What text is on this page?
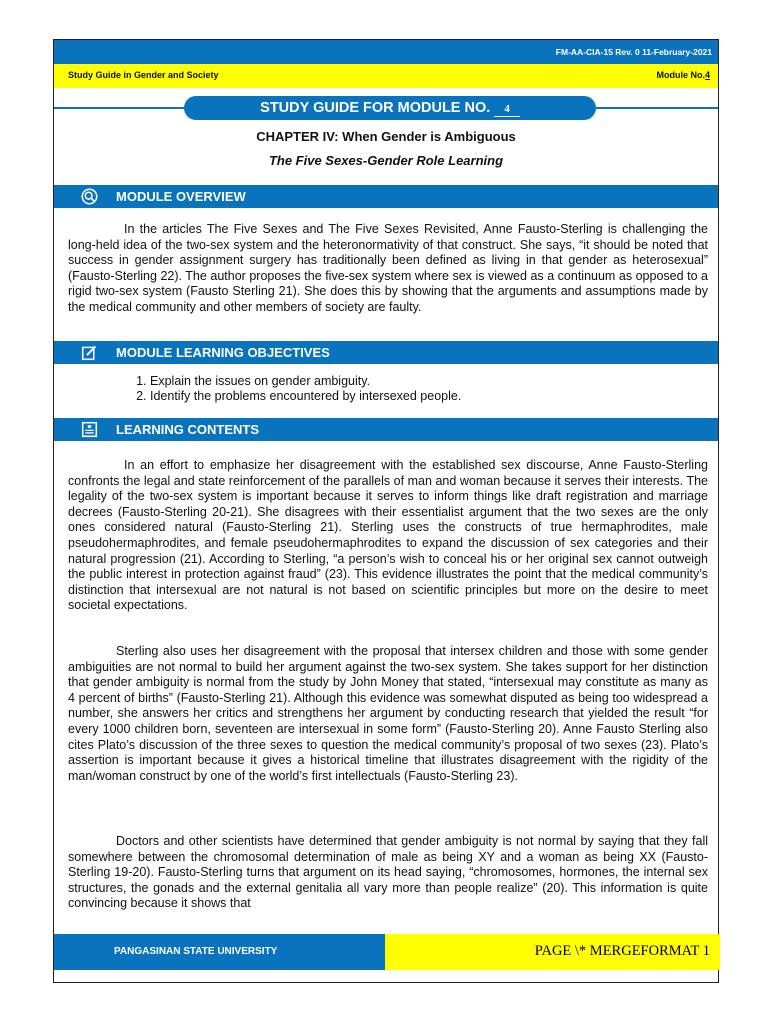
FM-AA-CIA-15 Rev. 0 11-February-2021
Study Guide in Gender and Society	Module No.4
STUDY GUIDE FOR MODULE NO. 4
CHAPTER IV: When Gender is Ambiguous
The Five Sexes-Gender Role Learning
MODULE OVERVIEW

In the articles The Five Sexes and The Five Sexes Revisited, Anne Fausto-Sterling is challenging the long-held idea of the two-sex system and the heteronormativity of that construct. She says, “it should be noted that success in gender assignment surgery has traditionally been defined as living in that gender as heterosexual” (Fausto-Sterling 22). The author proposes the five-sex system where sex is viewed as a continuum as opposed to a rigid two-sex system (Fausto Sterling 21). She does this by showing that the arguments and assumptions made by the medical community and other members of society are faulty.

MODULE LEARNING OBJECTIVES
1. Explain the issues on gender ambiguity.
2. Identify the problems encountered by intersexed people.
LEARNING CONTENTS

In an effort to emphasize her disagreement with the established sex discourse, Anne Fausto-Sterling confronts the legal and state reinforcement of the parallels of man and woman because it serves their interests. The legality of the two-sex system is important because it serves to inform things like draft registration and marriage decrees (Fausto-Sterling 20-21). She disagrees with their essentialist argument that the two sexes are the only ones considered natural (Fausto-Sterling 21). Sterling uses the constructs of true hermaphrodites, male pseudohermaphrodites, and female pseudohermaphrodites to expand the discussion of sex categories and their natural progression (21). According to Sterling, “a person’s wish to conceal his or her original sex cannot outweigh the public interest in protection against fraud” (23). This evidence illustrates the point that the medical community’s distinction that intersexual are not natural is not based on scientific principles but more on the desire to meet societal expectations.

Sterling also uses her disagreement with the proposal that intersex children and those with some gender ambiguities are not normal to build her argument against the two-sex system. She takes support for her distinction that gender ambiguity is normal from the study by John Money that stated, “intersexual may constitute as many as 4 percent of births” (Fausto-Sterling 21). Although this evidence was somewhat disputed as being too widespread a number, she answers her critics and strengthens her argument by conducting research that yielded the result “for every 1000 children born, seventeen are intersexual in some form” (Fausto-Sterling 20). Anne Fausto Sterling also cites Plato’s discussion of the three sexes to question the medical community’s proposal of two sexes (23). Plato’s assertion is important because it gives a historical timeline that illustrates disagreement with the rigidity of the man/woman construct by one of the world’s first intellectuals (Fausto-Sterling 23).

Doctors and other scientists have determined that gender ambiguity is not normal by saying that they fall somewhere between the chromosomal determination of male as being XY and a woman as being XX (Fausto-Sterling 19-20). Fausto-Sterling turns that argument on its head saying, “chromosomes, hormones, the internal sex structures, the gonads and the external genitalia all vary more than people realize” (20). This information is quite convincing because it shows that

PANGASINAN STATE UNIVERSITY	PAGE \* MERGEFORMAT 1
